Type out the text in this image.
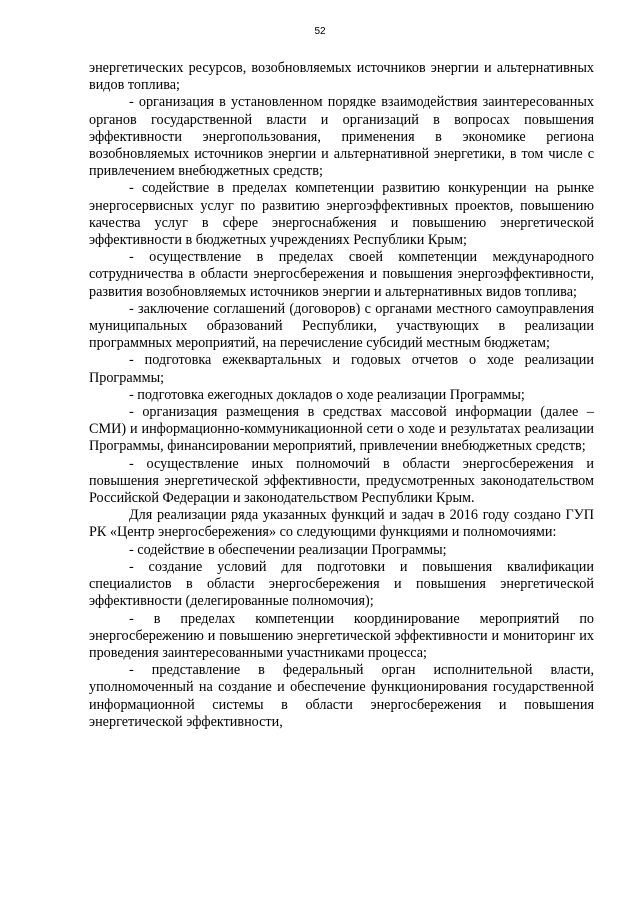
52

энергетических ресурсов, возобновляемых источников энергии и альтернативных видов топлива;

- организация в установленном порядке взаимодействия заинтересованных органов государственной власти и организаций в вопросах повышения эффективности энергопользования, применения в экономике региона возобновляемых источников энергии и альтернативной энергетики, в том числе с привлечением внебюджетных средств;

- содействие в пределах компетенции развитию конкуренции на рынке энергосервисных услуг по развитию энергоэффективных проектов, повышению качества услуг в сфере энергоснабжения и повышению энергетической эффективности в бюджетных учреждениях Республики Крым;

- осуществление в пределах своей компетенции международного сотрудничества в области энергосбережения и повышения энергоэффективности, развития возобновляемых источников энергии и альтернативных видов топлива;

- заключение соглашений (договоров) с органами местного самоуправления муниципальных образований Республики, участвующих в реализации программных мероприятий, на перечисление субсидий местным бюджетам;

- подготовка ежеквартальных и годовых отчетов о ходе реализации Программы;

- подготовка ежегодных докладов о ходе реализации Программы;

- организация размещения в средствах массовой информации (далее – СМИ) и информационно-коммуникационной сети о ходе и результатах реализации Программы, финансировании мероприятий, привлечении внебюджетных средств;

- осуществление иных полномочий в области энергосбережения и повышения энергетической эффективности, предусмотренных законодательством Российской Федерации и законодательством Республики Крым.

Для реализации ряда указанных функций и задач в 2016 году создано ГУП РК «Центр энергосбережения» со следующими функциями и полномочиями:

- содействие в обеспечении реализации Программы;

- создание условий для подготовки и повышения квалификации специалистов в области энергосбережения и повышения энергетической эффективности (делегированные полномочия);

- в пределах компетенции координирование мероприятий по энергосбережению и повышению энергетической эффективности и мониторинг их проведения заинтересованными участниками процесса;

- представление в федеральный орган исполнительной власти, уполномоченный на создание и обеспечение функционирования государственной информационной системы в области энергосбережения и повышения энергетической эффективности,
